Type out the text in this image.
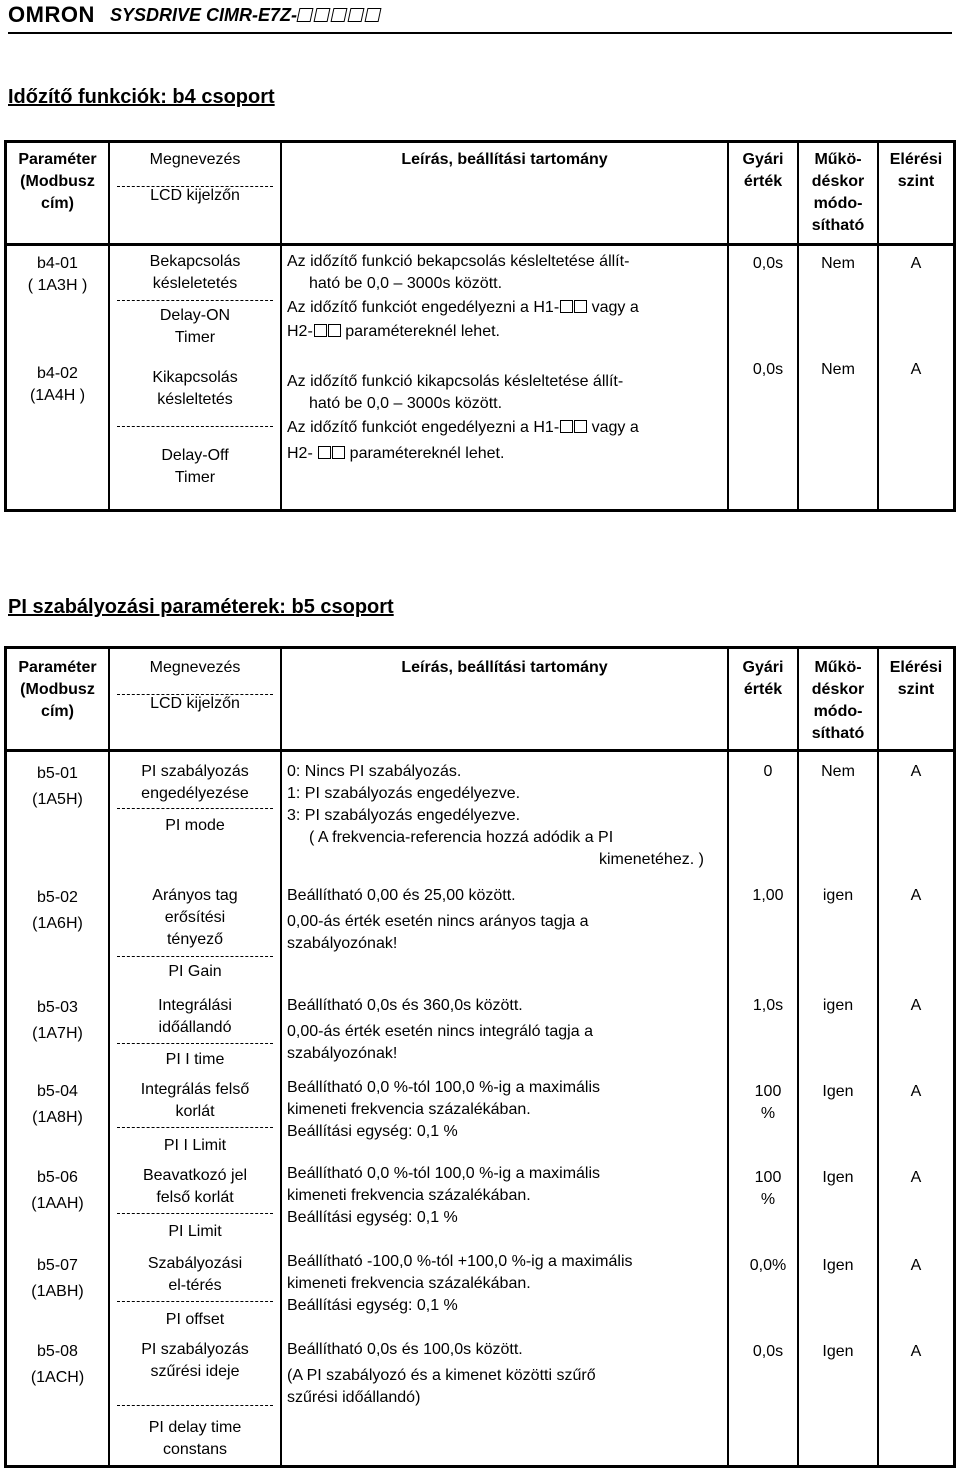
OMRON SYSDRIVE CIMR-E7Z-
Időzítő funkciók: b4 csoport
Paraméter
(Modbusz
cím)
Megnevezés
LCD kijelzőn
Leírás, beállítási tartomány	Gyári
érték
Műkö-
déskor
módo-
sítható
Elérési
szint
b4-01
( 1A3H )
Bekapcsolás
késleletetés
Delay-ON
Timer
Az időzítő funkció bekapcsolás késleltetése állít-
ható be 0,0 – 3000s között.
Az időzítő funkciót engedélyezni a H1- vagy a
H2- paramétereknél lehet.
0,0s	Nem	A
b4-02
(1A4H )
Kikapcsolás
késleltetés
Delay-Off
Timer
Az időzítő funkció kikapcsolás késleltetése állít-
ható be 0,0 – 3000s között.
Az időzítő funkciót engedélyezni a H1- vagy a
H2-  paramétereknél lehet.
0,0s	Nem	A
PI szabályozási paraméterek: b5 csoport
Paraméter
(Modbusz
cím)
Megnevezés
LCD kijelzőn
Leírás, beállítási tartomány	Gyári
érték
Műkö-
déskor
módo-
sítható
Elérési
szint
b5-01
(1A5H)
PI szabályozás
engedélyezése
PI mode
0: Nincs PI szabályozás.
1: PI szabályozás engedélyezve.
3: PI szabályozás engedélyezve.
( A frekvencia-referencia hozzá adódik a PI
kimenetéhez. )
0	Nem	A
b5-02
(1A6H)
Arányos tag
erősítési
tényező
PI Gain
Beállítható 0,00 és 25,00 között.
0,00-ás érték esetén nincs arányos tagja a
szabályozónak!
1,00	igen	A
b5-03
(1A7H)
Integrálási
időállandó
PI I time
Beállítható 0,0s és 360,0s között.
0,00-ás érték esetén nincs integráló tagja a
szabályozónak!
1,0s	igen	A
b5-04
(1A8H)
Integrálás felső
korlát
PI I Limit
Beállítható 0,0 %-tól 100,0 %-ig a maximális
kimeneti frekvencia százalékában.
Beállítási egység: 0,1 %
100
%
Igen	A
b5-06
(1AAH)
Beavatkozó jel
felső korlát
PI Limit
Beállítható 0,0 %-tól 100,0 %-ig a maximális
kimeneti frekvencia százalékában.
Beállítási egység: 0,1 %
100
%
Igen	A
b5-07
(1ABH)
Szabályozási
el-térés
PI offset
Beállítható -100,0 %-tól +100,0 %-ig a maximális
kimeneti frekvencia százalékában.
Beállítási egység: 0,1 %
0,0%	Igen	A
b5-08
(1ACH)
PI szabályozás
szűrési ideje
PI delay time
constans
Beállítható 0,0s és 100,0s között.
(A PI szabályozó és a kimenet közötti szűrő
szűrési időállandó)
0,0s	Igen	A
